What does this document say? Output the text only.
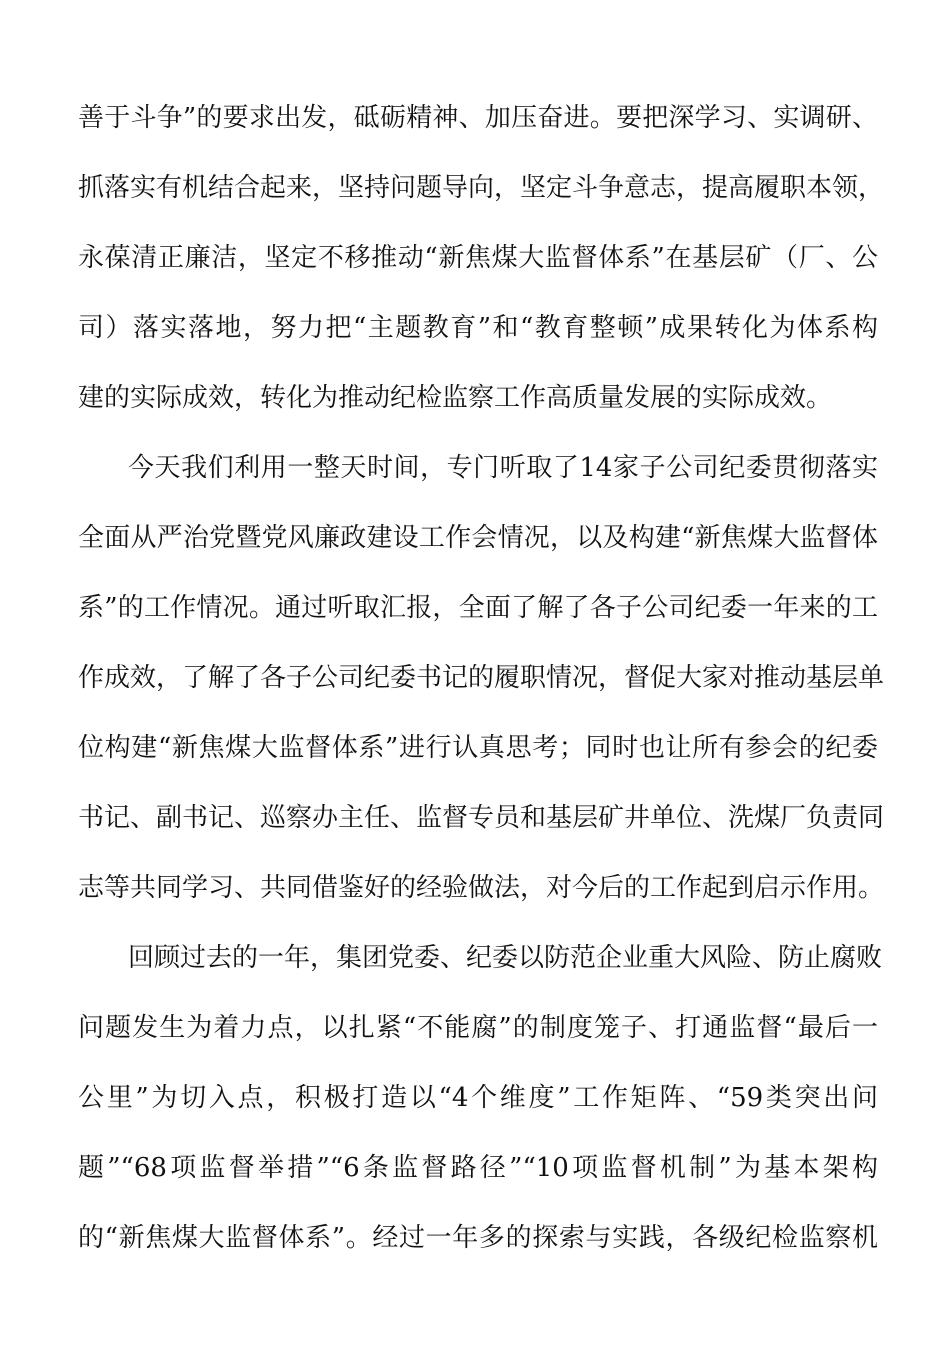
善于斗争”的要求出发，砥砺精神、加压奋进。要把深学习、实调研、
抓落实有机结合起来，坚持问题导向，坚定斗争意志，提高履职本领，
永葆清正廉洁，坚定不移推动“新焦煤大监督体系”在基层矿（厂、公
司）落实落地，努力把“主题教育”和“教育整顿”成果转化为体系构
建的实际成效，转化为推动纪检监察工作高质量发展的实际成效。
今天我们利用一整天时间，专门听取了14家子公司纪委贯彻落实
全面从严治党暨党风廉政建设工作会情况，以及构建“新焦煤大监督体
系”的工作情况。通过听取汇报，全面了解了各子公司纪委一年来的工
作成效，了解了各子公司纪委书记的履职情况，督促大家对推动基层单
位构建“新焦煤大监督体系”进行认真思考；同时也让所有参会的纪委
书记、副书记、巡察办主任、监督专员和基层矿井单位、洗煤厂负责同
志等共同学习、共同借鉴好的经验做法，对今后的工作起到启示作用。
回顾过去的一年，集团党委、纪委以防范企业重大风险、防止腐败
问题发生为着力点，以扎紧“不能腐”的制度笼子、打通监督“最后一
公里”为切入点，积极打造以“4个维度”工作矩阵、“59类突出问
题”“68项监督举措”“6条监督路径”“10项监督机制”为基本架构
的“新焦煤大监督体系”。经过一年多的探索与实践，各级纪检监察机
